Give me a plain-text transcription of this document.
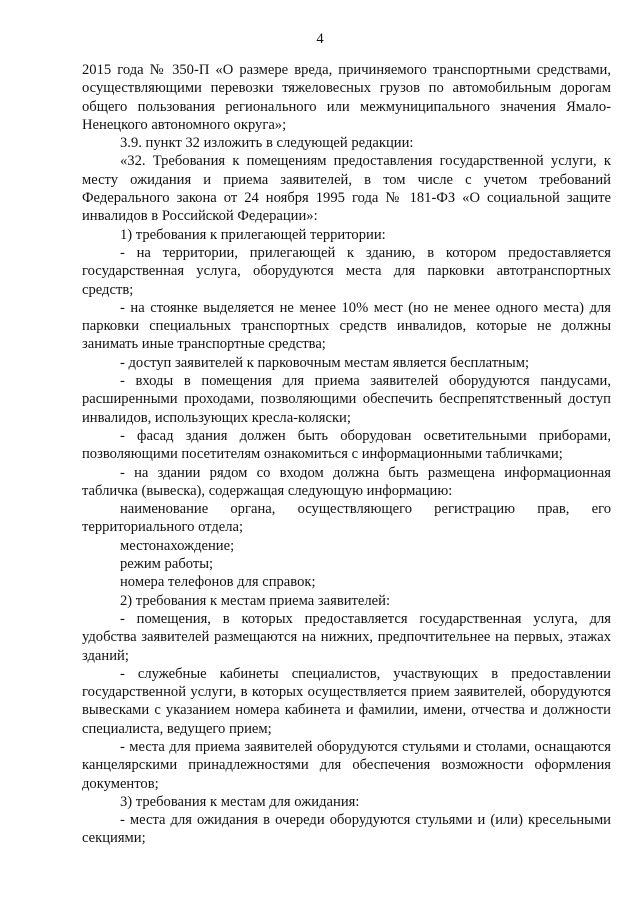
4

2015 года № 350-П «О размере вреда, причиняемого транспортными средствами, осуществляющими перевозки тяжеловесных грузов по автомобильным дорогам общего пользования регионального или межмуниципального значения Ямало-Ненецкого автономного округа»;

3.9. пункт 32 изложить в следующей редакции:

«32. Требования к помещениям предоставления государственной услуги, к месту ожидания и приема заявителей, в том числе с учетом требований Федерального закона от 24 ноября 1995 года № 181-ФЗ «О социальной защите инвалидов в Российской Федерации»:

1) требования к прилегающей территории:

- на территории, прилегающей к зданию, в котором предоставляется государственная услуга, оборудуются места для парковки автотранспортных средств;

- на стоянке выделяется не менее 10% мест (но не менее одного места) для парковки специальных транспортных средств инвалидов, которые не должны занимать иные транспортные средства;

- доступ заявителей к парковочным местам является бесплатным;

- входы в помещения для приема заявителей оборудуются пандусами, расширенными проходами, позволяющими обеспечить беспрепятственный доступ инвалидов, использующих кресла-коляски;

- фасад здания должен быть оборудован осветительными приборами, позволяющими посетителям ознакомиться с информационными табличками;

- на здании рядом со входом должна быть размещена информационная табличка (вывеска), содержащая следующую информацию:

наименование органа, осуществляющего регистрацию прав, его территориального отдела;

местонахождение;

режим работы;

номера телефонов для справок;

2) требования к местам приема заявителей:

- помещения, в которых предоставляется государственная услуга, для удобства заявителей размещаются на нижних, предпочтительнее на первых, этажах зданий;

- служебные кабинеты специалистов, участвующих в предоставлении государственной услуги, в которых осуществляется прием заявителей, оборудуются вывесками с указанием номера кабинета и фамилии, имени, отчества и должности специалиста, ведущего прием;

- места для приема заявителей оборудуются стульями и столами, оснащаются канцелярскими принадлежностями для обеспечения возможности оформления документов;

3) требования к местам для ожидания:

- места для ожидания в очереди оборудуются стульями и (или) кресельными секциями;
